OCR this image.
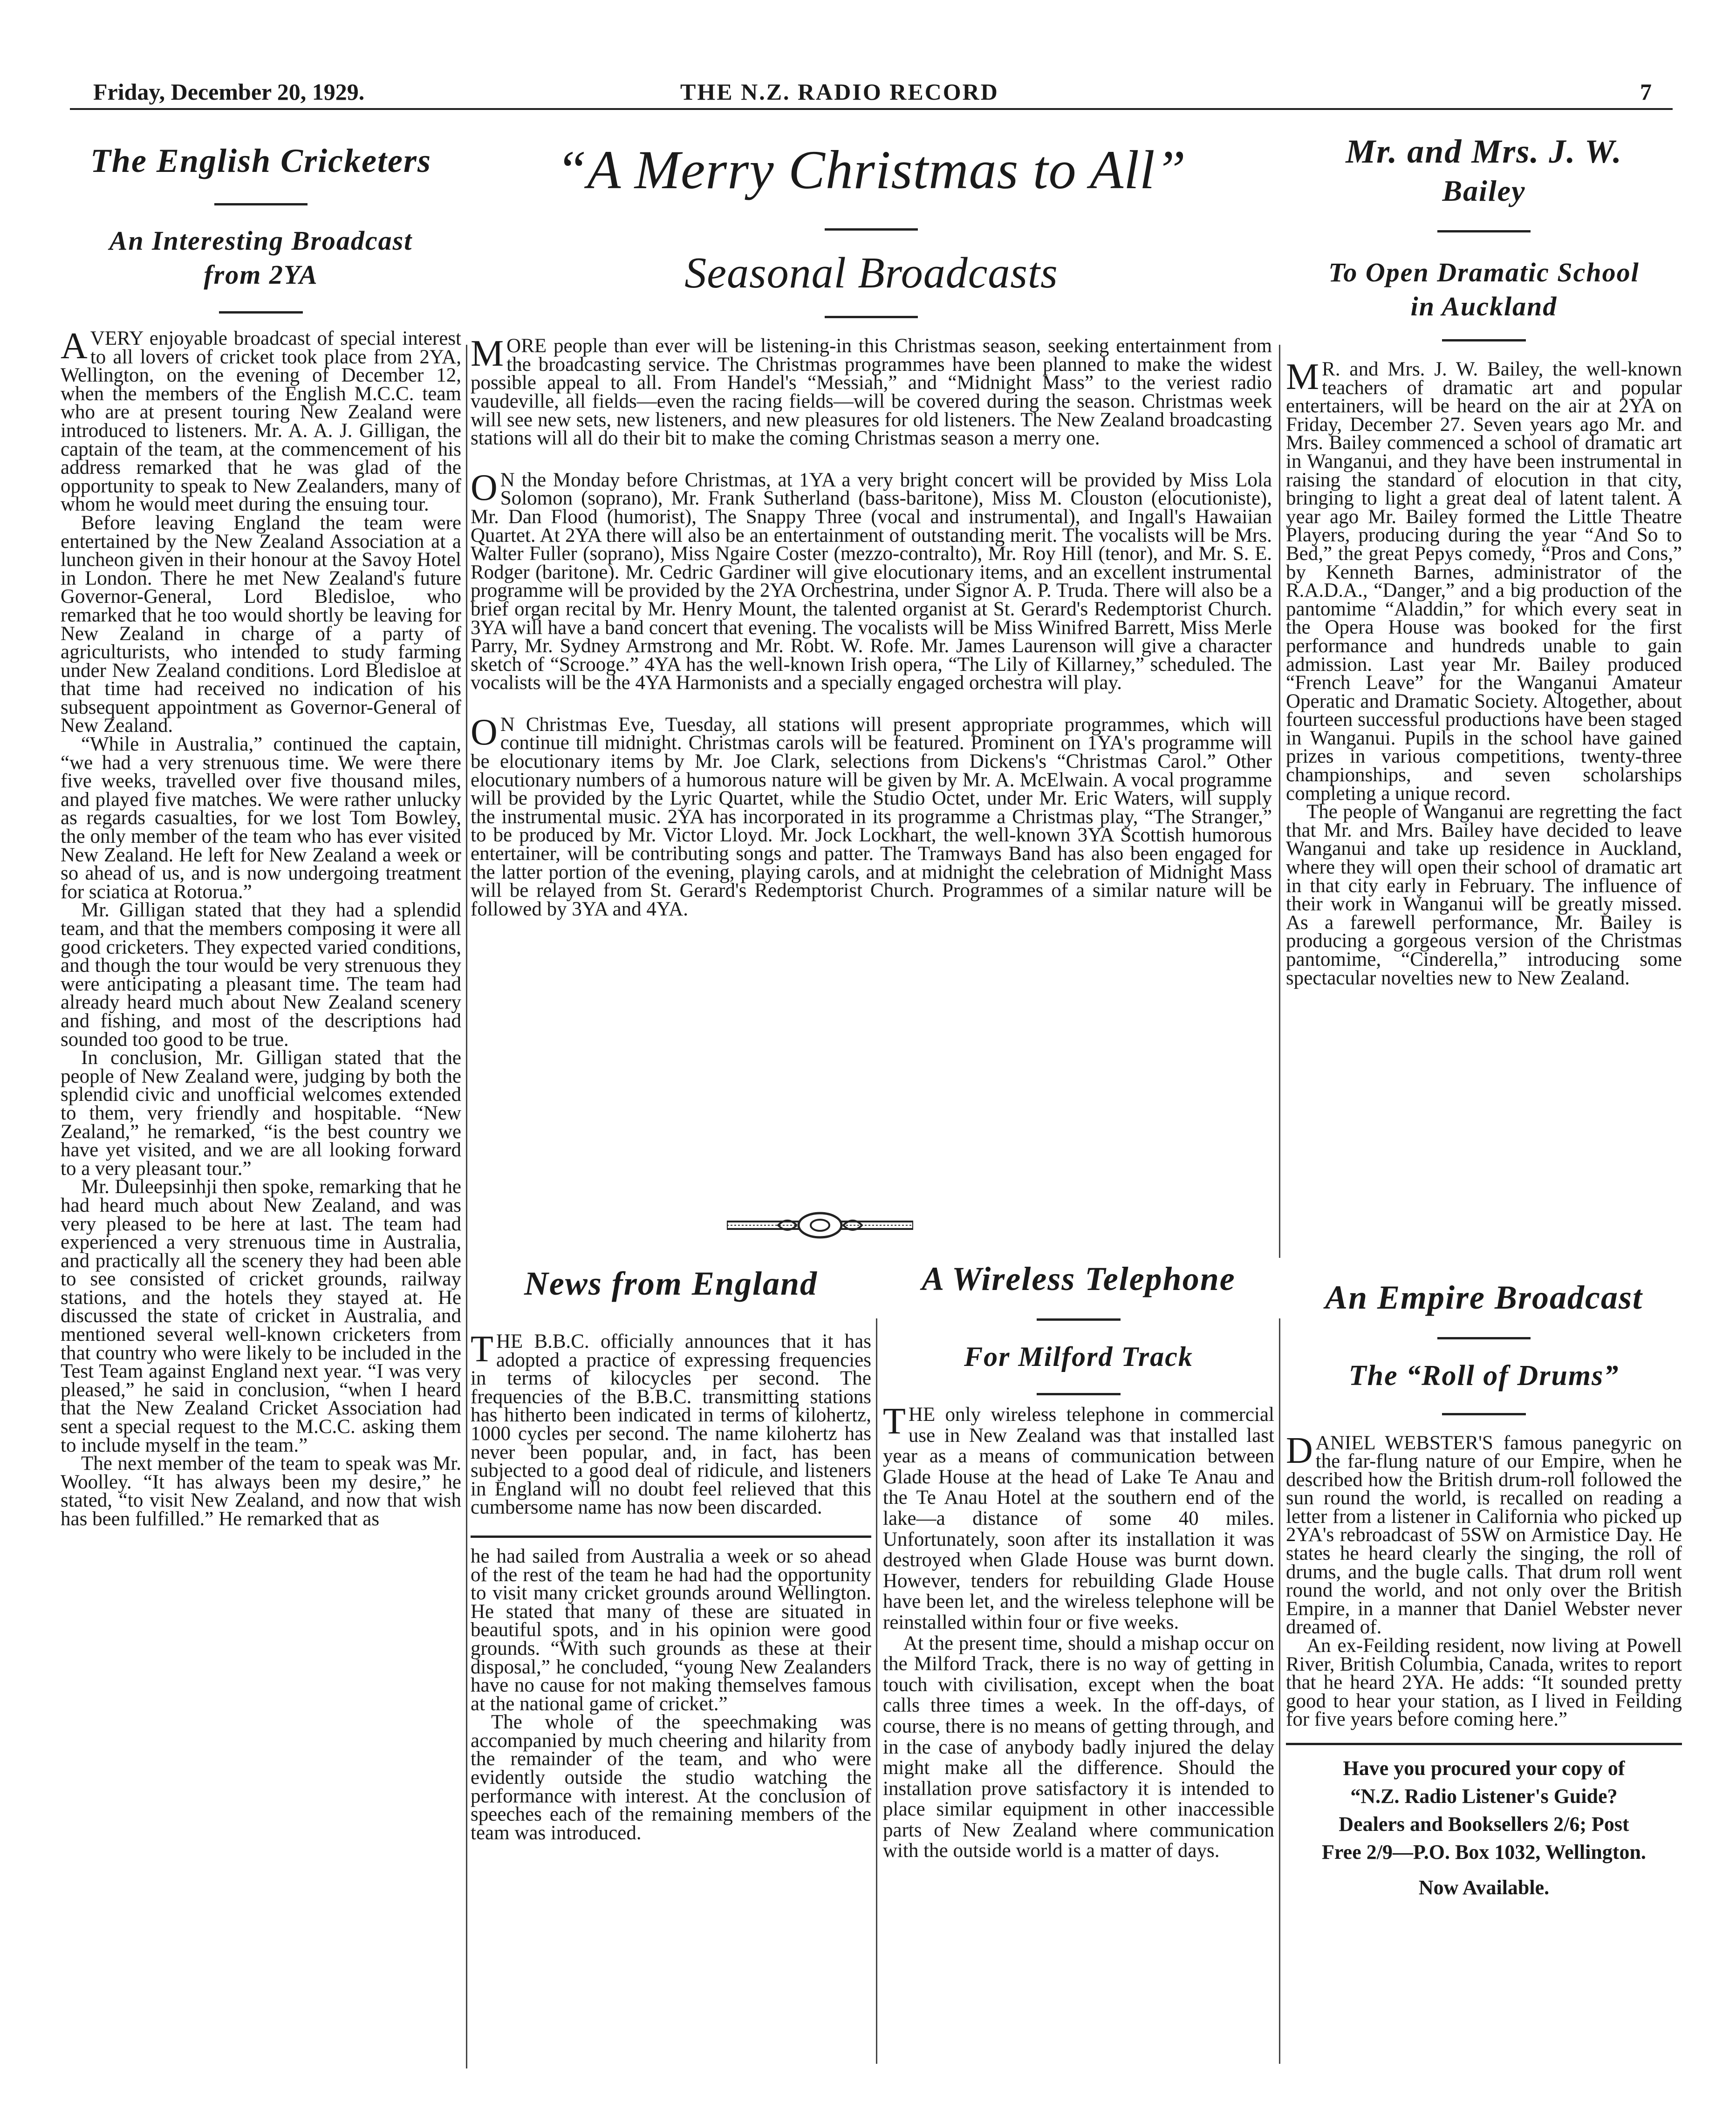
Friday, December 20, 1929.	THE N.Z. RADIO RECORD	7
The English Cricketers
An Interesting Broadcast
from 2YA

AVERY enjoyable broadcast of special interest to all lovers of cricket took place from 2YA, Wellington, on the evening of December 12, when the members of the English M.C.C. team who are at present touring New Zealand were introduced to listeners. Mr. A. A. J. Gilligan, the captain of the team, at the commencement of his address remarked that he was glad of the opportunity to speak to New Zealanders, many of whom he would meet during the ensuing tour.

Before leaving England the team were entertained by the New Zealand Association at a luncheon given in their honour at the Savoy Hotel in London. There he met New Zealand's future Governor-General, Lord Bledisloe, who remarked that he too would shortly be leaving for New Zealand in charge of a party of agriculturists, who intended to study farming under New Zealand conditions. Lord Bledisloe at that time had received no indication of his subsequent appointment as Governor-General of New Zealand.

“While in Australia,” continued the captain, “we had a very strenuous time. We were there five weeks, travelled over five thousand miles, and played five matches. We were rather unlucky as regards casualties, for we lost Tom Bowley, the only member of the team who has ever visited New Zealand. He left for New Zealand a week or so ahead of us, and is now undergoing treatment for sciatica at Rotorua.”

Mr. Gilligan stated that they had a splendid team, and that the members composing it were all good cricketers. They expected varied conditions, and though the tour would be very strenuous they were anticipating a pleasant time. The team had already heard much about New Zealand scenery and fishing, and most of the descriptions had sounded too good to be true.

In conclusion, Mr. Gilligan stated that the people of New Zealand were, judging by both the splendid civic and unofficial welcomes extended to them, very friendly and hospitable. “New Zealand,” he remarked, “is the best country we have yet visited, and we are all looking forward to a very pleasant tour.”

Mr. Duleepsinhji then spoke, remarking that he had heard much about New Zealand, and was very pleased to be here at last. The team had experienced a very strenuous time in Australia, and practically all the scenery they had been able to see consisted of cricket grounds, railway stations, and the hotels they stayed at. He discussed the state of cricket in Australia, and mentioned several well-known cricketers from that country who were likely to be included in the Test Team against England next year. “I was very pleased,” he said in conclusion, “when I heard that the New Zealand Cricket Association had sent a special request to the M.C.C. asking them to include myself in the team.”

The next member of the team to speak was Mr. Woolley. “It has always been my desire,” he stated, “to visit New Zealand, and now that wish has been fulfilled.” He remarked that as

“A Merry Christmas to All”
Seasonal Broadcasts

MORE people than ever will be listening-in this Christmas season, seeking entertainment from the broadcasting service. The Christmas programmes have been planned to make the widest possible appeal to all. From Handel's “Messiah,” and “Midnight Mass” to the veriest radio vaudeville, all fields—even the racing fields—will be covered during the season. Christmas week will see new sets, new listeners, and new pleasures for old listeners. The New Zealand broadcasting stations will all do their bit to make the coming Christmas season a merry one.

O N the Monday before Christmas, at 1YA a very bright concert will be provided by Miss Lola Solomon (soprano), Mr. Frank Sutherland (bass-baritone), Miss M. Clouston (elocutioniste), Mr. Dan Flood (humorist), The Snappy Three (vocal and instrumental), and Ingall's Hawaiian Quartet. At 2YA there will also be an entertainment of outstanding merit. The vocalists will be Mrs. Walter Fuller (soprano), Miss Ngaire Coster (mezzo-contralto), Mr. Roy Hill (tenor), and Mr. S. E. Rodger (baritone). Mr. Cedric Gardiner will give elocutionary items, and an excellent instrumental programme will be provided by the 2YA Orchestrina, under Signor A. P. Truda. There will also be a brief organ recital by Mr. Henry Mount, the talented organist at St. Gerard's Redemptorist Church. 3YA will have a band concert that evening. The vocalists will be Miss Winifred Barrett, Miss Merle Parry, Mr. Sydney Armstrong and Mr. Robt. W. Rofe. Mr. James Laurenson will give a character sketch of “Scrooge.” 4YA has the well-known Irish opera, “The Lily of Killarney,” scheduled. The vocalists will be the 4YA Harmonists and a specially engaged orchestra will play.

O N Christmas Eve, Tuesday, all stations will present appropriate programmes, which will continue till midnight. Christmas carols will be featured. Prominent on 1YA's programme will be elocutionary items by Mr. Joe Clark, selections from Dickens's “Christmas Carol.” Other elocutionary numbers of a humorous nature will be given by Mr. A. McElwain. A vocal programme will be provided by the Lyric Quartet, while the Studio Octet, under Mr. Eric Waters, will supply the instrumental music. 2YA has incorporated in its programme a Christmas play, “The Stranger,” to be produced by Mr. Victor Lloyd. Mr. Jock Lockhart, the well-known 3YA Scottish humorous entertainer, will be contributing songs and patter. The Tramways Band has also been engaged for the latter portion of the evening, playing carols, and at midnight the celebration of Midnight Mass will be relayed from St. Gerard's Redemptorist Church. Programmes of a similar nature will be followed by 3YA and 4YA.

Mr. and Mrs. J. W.
Bailey
To Open Dramatic School
in Auckland

M R. and Mrs. J. W. Bailey, the well-known teachers of dramatic art and popular entertainers, will be heard on the air at 2YA on Friday, December 27. Seven years ago Mr. and Mrs. Bailey commenced a school of dramatic art in Wanganui, and they have been instrumental in raising the standard of elocution in that city, bringing to light a great deal of latent talent. A year ago Mr. Bailey formed the Little Theatre Players, producing during the year “And So to Bed,” the great Pepys comedy, “Pros and Cons,” by Kenneth Barnes, administrator of the R.A.D.A., “Danger,” and a big production of the pantomime “Aladdin,” for which every seat in the Opera House was booked for the first performance and hundreds unable to gain admission. Last year Mr. Bailey produced “French Leave” for the Wanganui Amateur Operatic and Dramatic Society. Altogether, about fourteen successful productions have been staged in Wanganui. Pupils in the school have gained prizes in various competitions, twenty-three championships, and seven scholarships completing a unique record.

The people of Wanganui are regretting the fact that Mr. and Mrs. Bailey have decided to leave Wanganui and take up residence in Auckland, where they will open their school of dramatic art in that city early in February. The influence of their work in Wanganui will be greatly missed. As a farewell performance, Mr. Bailey is producing a gorgeous version of the Christmas pantomime, “Cinderella,” introducing some spectacular novelties new to New Zealand.

News from England

THE B.B.C. officially announces that it has adopted a practice of expressing frequencies in terms of kilocycles per second. The frequencies of the B.B.C. transmitting stations has hitherto been indicated in terms of kilohertz, 1000 cycles per second. The name kilohertz has never been popular, and, in fact, has been subjected to a good deal of ridicule, and listeners in England will no doubt feel relieved that this cumbersome name has now been discarded.

he had sailed from Australia a week or so ahead of the rest of the team he had had the opportunity to visit many cricket grounds around Wellington. He stated that many of these are situated in beautiful spots, and in his opinion were good grounds. “With such grounds as these at their disposal,” he concluded, “young New Zealanders have no cause for not making themselves famous at the national game of cricket.”

The whole of the speechmaking was accompanied by much cheering and hilarity from the remainder of the team, and who were evidently outside the studio watching the performance with interest. At the conclusion of speeches each of the remaining members of the team was introduced.

A Wireless Telephone
For Milford Track

THE only wireless telephone in commercial use in New Zealand was that installed last year as a means of communication between Glade House at the head of Lake Te Anau and the Te Anau Hotel at the southern end of the lake—a distance of some 40 miles. Unfortunately, soon after its installation it was destroyed when Glade House was burnt down. However, tenders for rebuilding Glade House have been let, and the wireless telephone will be reinstalled within four or five weeks.

At the present time, should a mishap occur on the Milford Track, there is no way of getting in touch with civilisation, except when the boat calls three times a week. In the off-days, of course, there is no means of getting through, and in the case of anybody badly injured the delay might make all the difference. Should the installation prove satisfactory it is intended to place similar equipment in other inaccessible parts of New Zealand where communication with the outside world is a matter of days.

An Empire Broadcast
The “Roll of Drums”

DANIEL WEBSTER'S famous panegyric on the far-flung nature of our Empire, when he described how the British drum-roll followed the sun round the world, is recalled on reading a letter from a listener in California who picked up 2YA's rebroadcast of 5SW on Armistice Day. He states he heard clearly the singing, the roll of drums, and the bugle calls. That drum roll went round the world, and not only over the British Empire, in a manner that Daniel Webster never dreamed of.

An ex-Feilding resident, now living at Powell River, British Columbia, Canada, writes to report that he heard 2YA. He adds: “It sounded pretty good to hear your station, as I lived in Feilding for five years before coming here.”

Have you procured your copy of
“N.Z. Radio Listener's Guide?
Dealers and Booksellers 2/6; Post
Free 2/9—P.O. Box 1032, Wellington.
Now Available.
